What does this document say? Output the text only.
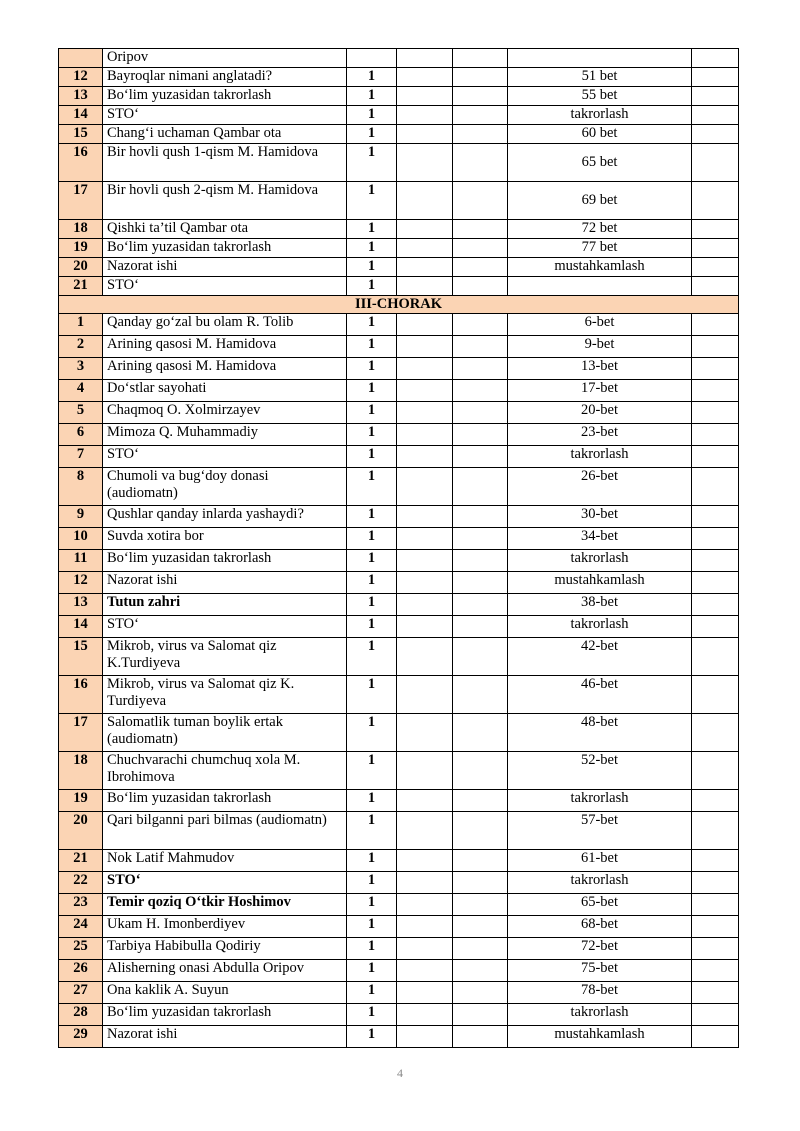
	Oripov					
12	Bayroqlar nimani anglatadi?	1			51 bet	
13	Bo‘lim yuzasidan takrorlash	1			55 bet	
14	STO‘	1			takrorlash	
15	Chang‘i uchaman Qambar ota	1			60 bet	
16	Bir hovli qush 1-qism M. Hamidova	1			65 bet	
17	Bir hovli qush 2-qism M. Hamidova	1			69 bet	
18	Qishki ta’til Qambar ota	1			72 bet	
19	Bo‘lim yuzasidan takrorlash	1			77 bet	
20	Nazorat ishi	1			mustahkamlash	
21	STO‘	1				
III-CHORAK						
1	Qanday go‘zal bu olam R. Tolib	1			6-bet	
2	Arining qasosi M. Hamidova	1			9-bet	
3	Arining qasosi M. Hamidova	1			13-bet	
4	Do‘stlar sayohati	1			17-bet	
5	Chaqmoq O. Xolmirzayev	1			20-bet	
6	Mimoza Q. Muhammadiy	1			23-bet	
7	STO‘	1			takrorlash	
8	Chumoli va bug‘doy donasi (audiomatn)	1			26-bet	
9	Qushlar qanday inlarda yashaydi?	1			30-bet	
10	Suvda xotira bor	1			34-bet	
11	Bo‘lim yuzasidan takrorlash	1			takrorlash	
12	Nazorat ishi	1			mustahkamlash	
13	Tutun zahri	1			38-bet	
14	STO‘	1			takrorlash	
15	Mikrob, virus va Salomat qiz K.Turdiyeva	1			42-bet	
16	Mikrob, virus va Salomat qiz K. Turdiyeva	1			46-bet	
17	Salomatlik tuman boylik ertak (audiomatn)	1			48-bet	
18	Chuchvarachi chumchuq xola M. Ibrohimova	1			52-bet	
19	Bo‘lim yuzasidan takrorlash	1			takrorlash	
20	Qari bilganni pari bilmas (audiomatn)	1			57-bet	
21	Nok Latif Mahmudov	1			61-bet	
22	STO‘	1			takrorlash	
23	Temir qoziq O‘tkir Hoshimov	1			65-bet	
24	Ukam H. Imonberdiyev	1			68-bet	
25	Tarbiya Habibulla Qodiriy	1			72-bet	
26	Alisherning onasi Abdulla Oripov	1			75-bet	
27	Ona kaklik A. Suyun	1			78-bet	
28	Bo‘lim yuzasidan takrorlash	1			takrorlash	
29	Nazorat ishi	1			mustahkamlash	
4
